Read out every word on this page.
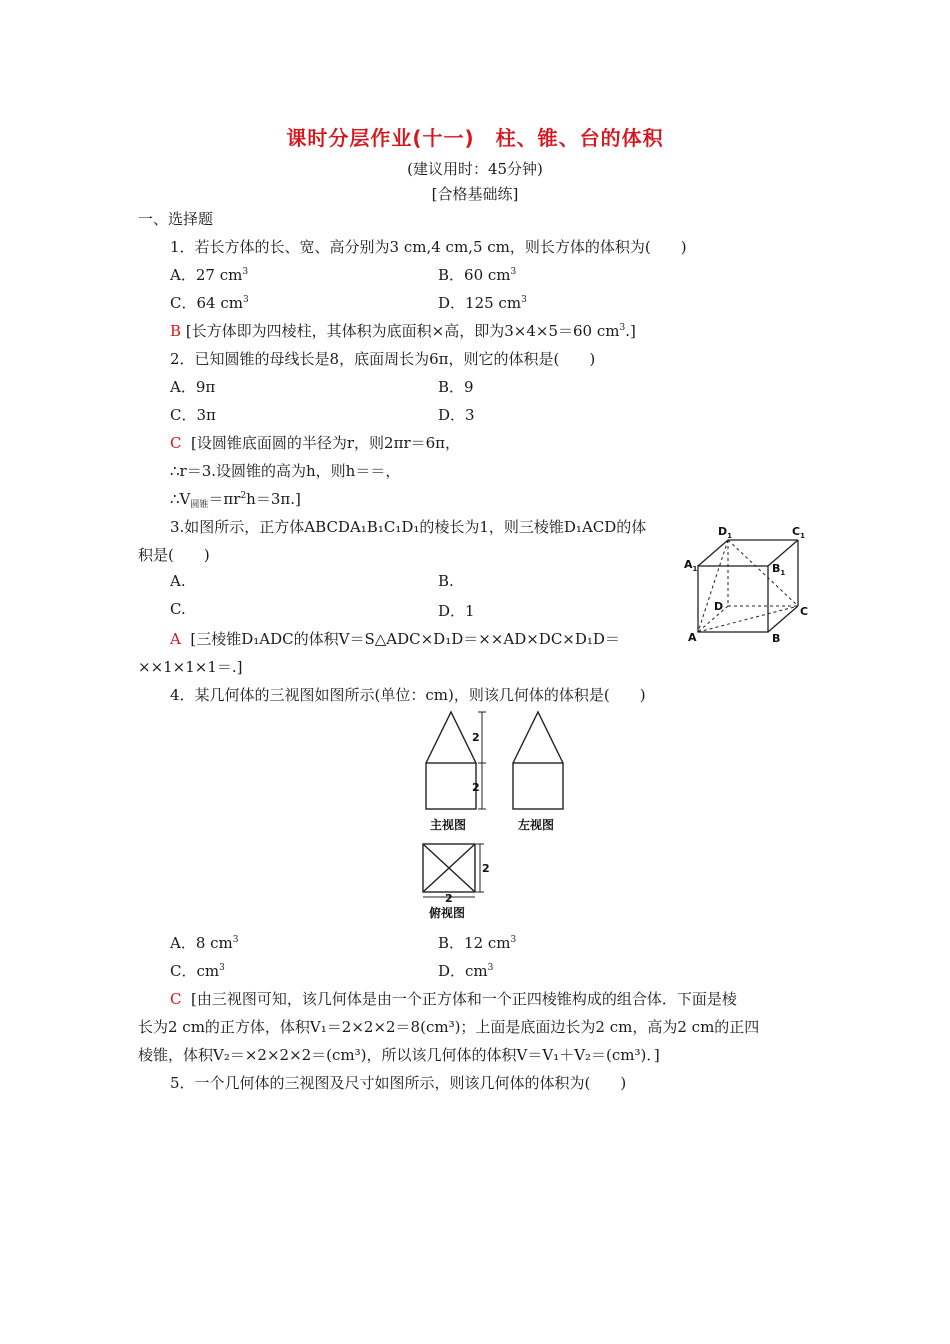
课时分层作业(十一)　柱、锥、台的体积
(建议用时：45分钟)
[合格基础练]
一、选择题
1．若长方体的长、宽、高分别为3 cm,4 cm,5 cm，则长方体的体积为(　　)
A．27 $cm^3$	B．60 $cm^3$
C．64 $cm^3$	D．125 $cm^3$
B [长方体即为四棱柱，其体积为底面积×高，即为3×4×5＝60 $cm^3$.]
2．已知圆锥的母线长是8，底面周长为6π，则它的体积是(　　)
A．9π	B．9
C．3π	D．3
C [设圆锥底面圆的半径为r，则2πr＝6π，
∴r＝3.设圆锥的高为h，则h＝＝，
$\therefore V_{圆锥}=\pi r^2h=3\pi$.]
3.如图所示，正方体ABCDA₁B₁C₁D₁的棱长为1，则三棱锥D₁ACD的体
积是(　　)
A.	B.
C.	D．1
A [三棱锥D₁ADC的体积V＝S△ADC×D₁D＝××AD×DC×D₁D＝
××1×1×1＝.]
$D_1$	$C_1$
$A_1$	$B_1$
D	C
A	B
4．某几何体的三视图如图所示(单位：cm)，则该几何体的体积是(　　)
2
2
2
2
主视图	左视图
俯视图
A．8 $cm^3$	B．12 $cm^3$
C．$cm^3$	D．$cm^3$
C [由三视图可知，该几何体是由一个正方体和一个正四棱锥构成的组合体．下面是棱
长为2 cm的正方体，体积V₁＝2×2×2＝8(cm³)；上面是底面边长为2 cm，高为2 cm的正四
棱锥，体积V₂＝×2×2×2＝(cm³)，所以该几何体的体积V＝V₁＋V₂＝(cm³)．]
5．一个几何体的三视图及尺寸如图所示，则该几何体的体积为(　　)
